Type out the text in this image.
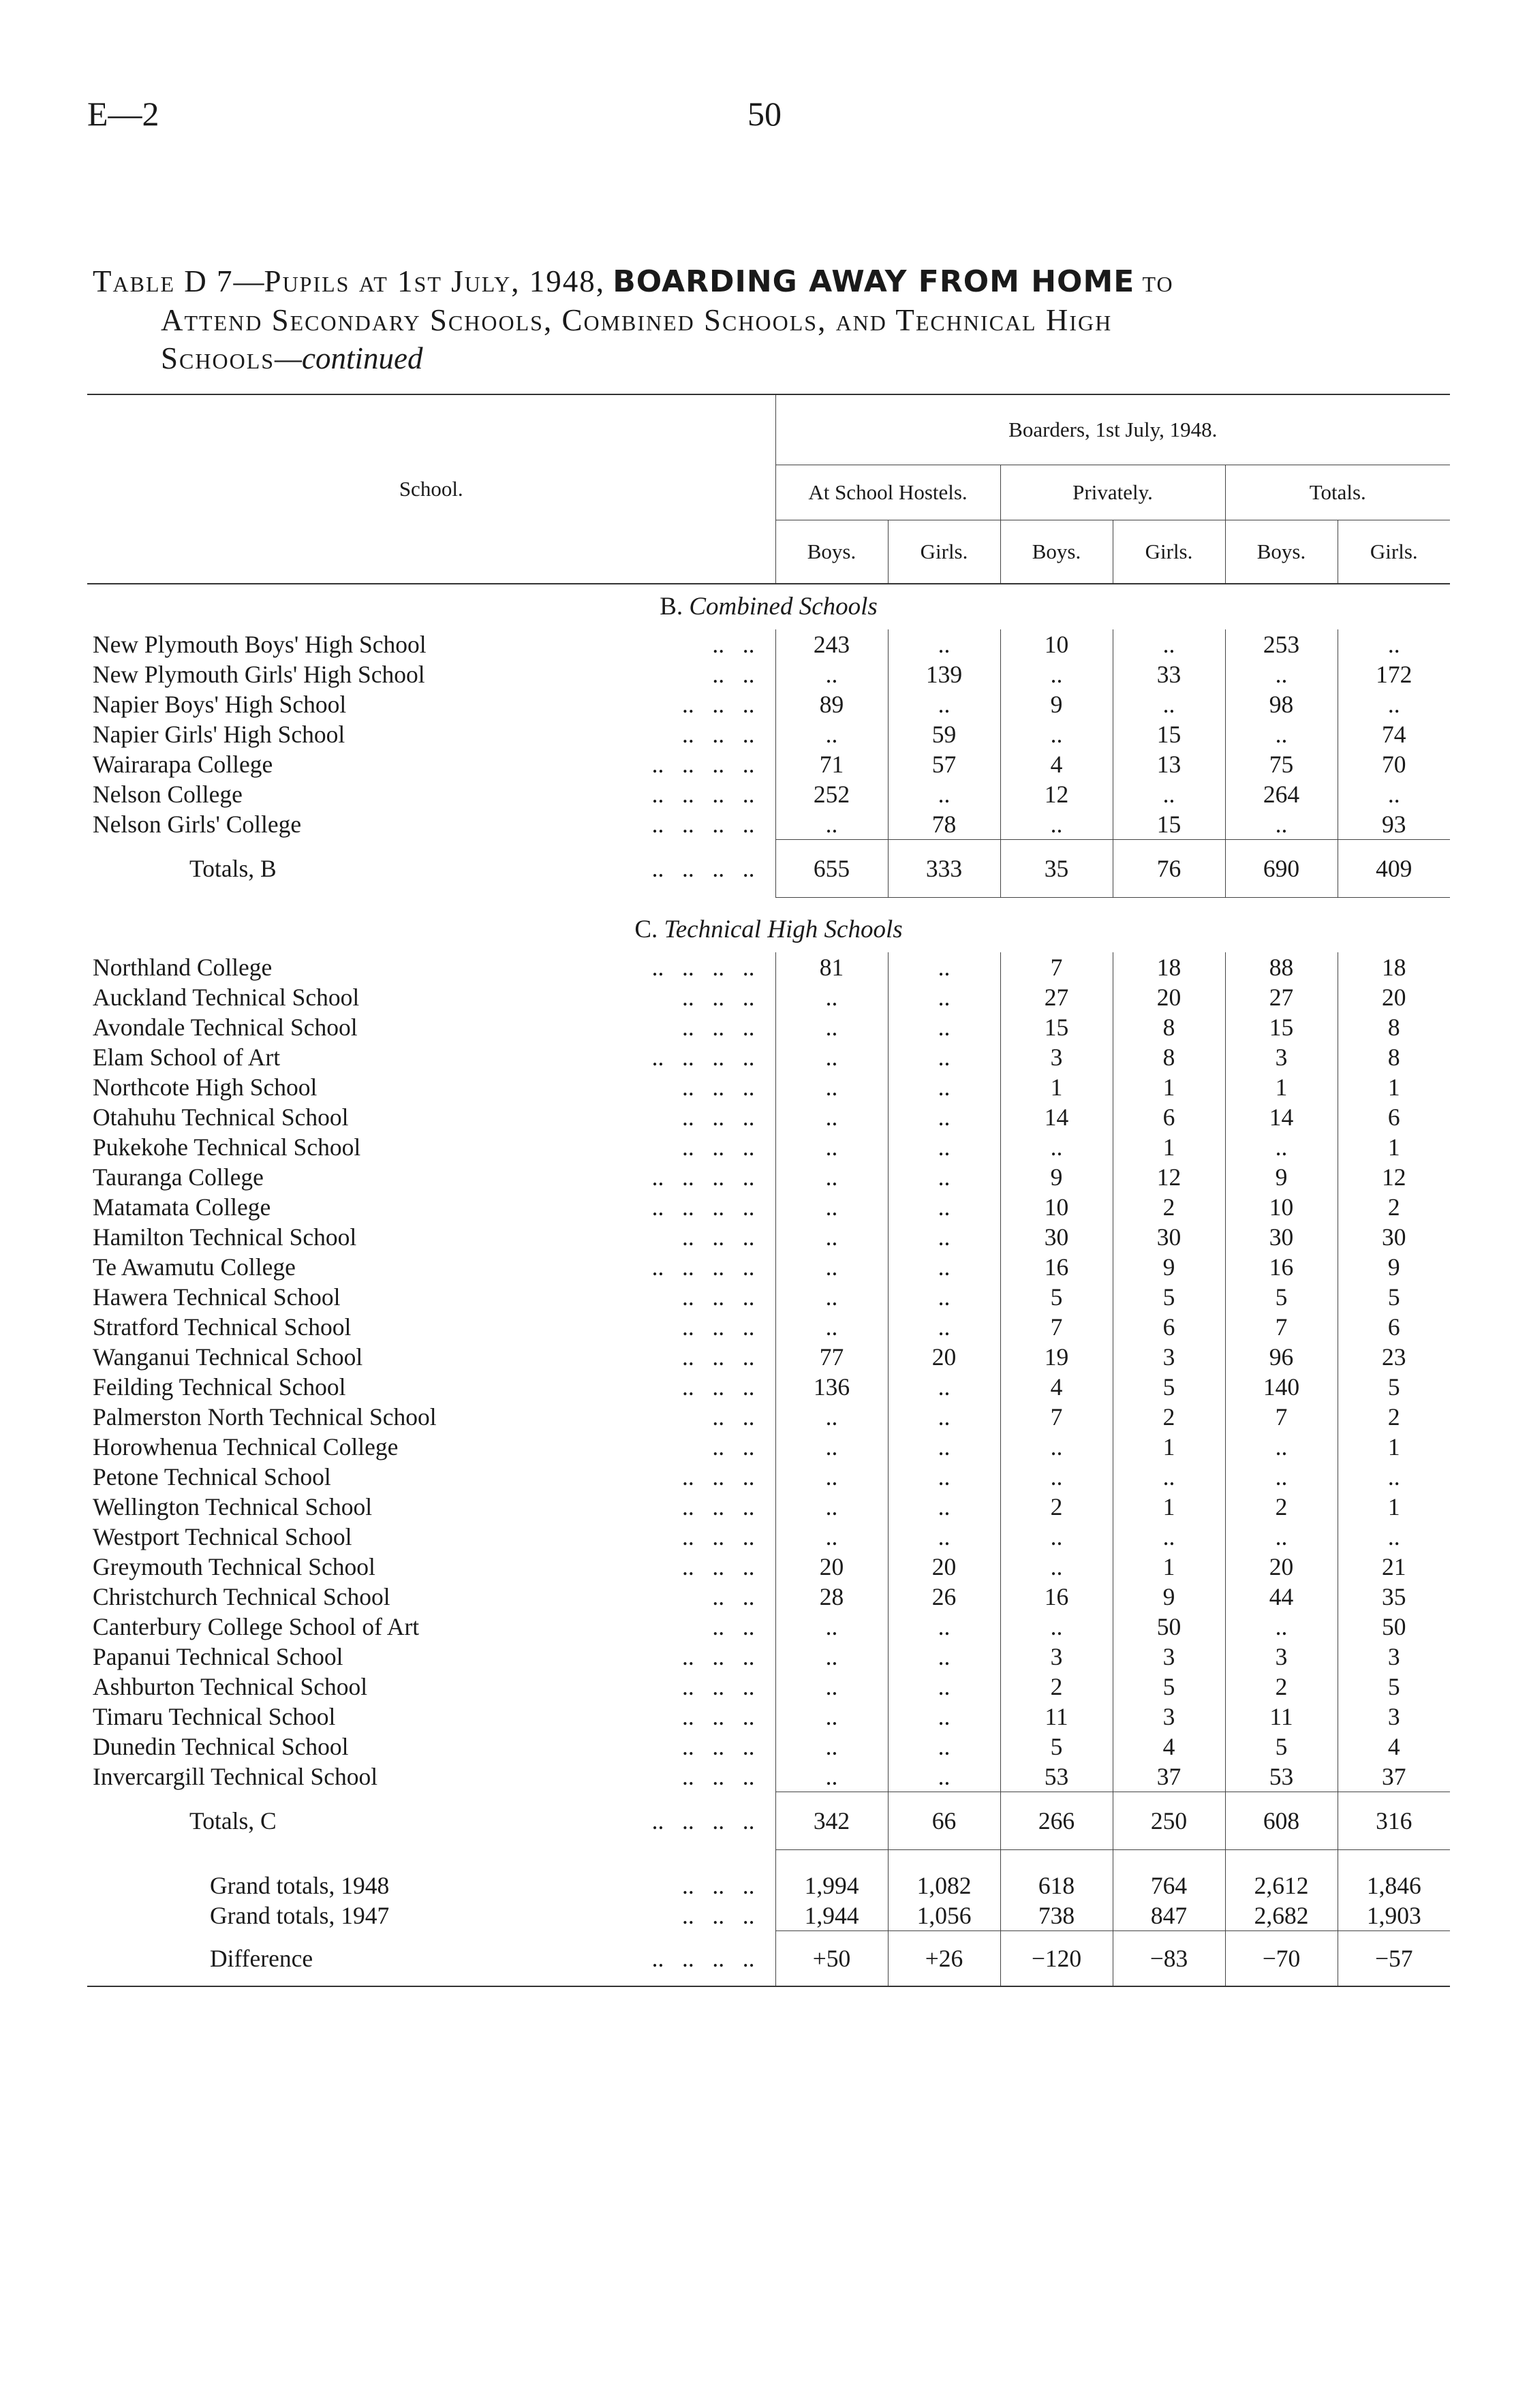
E—2	50
Table D 7—Pupils at 1st July, 1948, BOARDING AWAY FROM HOME to
Attend Secondary Schools, Combined Schools, and Technical High
Schools—continued
School.	Boarders, 1st July, 1948.					
	At School Hostels.		Privately.		Totals.	
	Boys.	Girls.	Boys.	Girls.	Boys.	Girls.
B. Combined Schools						
New Plymouth Boys' High School ..   ..	243	..	10	..	253	..
New Plymouth Girls' High School ..   ..	..	139	..	33	..	172
Napier Boys' High School ..   ..   ..	89	..	9	..	98	..
Napier Girls' High School ..   ..   ..	..	59	..	15	..	74
Wairarapa College ..   ..   ..   ..	71	57	4	13	75	70
Nelson College ..   ..   ..   ..	252	..	12	..	264	..
Nelson Girls' College ..   ..   ..   ..	..	78	..	15	..	93
Totals, B ..   ..   ..   ..	655	333	35	76	690	409

C. Technical High Schools						
Northland College ..   ..   ..   ..	81	..	7	18	88	18
Auckland Technical School ..   ..   ..	..	..	27	20	27	20
Avondale Technical School ..   ..   ..	..	..	15	8	15	8
Elam School of Art ..   ..   ..   ..	..	..	3	8	3	8
Northcote High School ..   ..   ..	..	..	1	1	1	1
Otahuhu Technical School ..   ..   ..	..	..	14	6	14	6
Pukekohe Technical School ..   ..   ..	..	..	..	1	..	1
Tauranga College ..   ..   ..   ..	..	..	9	12	9	12
Matamata College ..   ..   ..   ..	..	..	10	2	10	2
Hamilton Technical School ..   ..   ..	..	..	30	30	30	30
Te Awamutu College ..   ..   ..   ..	..	..	16	9	16	9
Hawera Technical School ..   ..   ..	..	..	5	5	5	5
Stratford Technical School ..   ..   ..	..	..	7	6	7	6
Wanganui Technical School ..   ..   ..	77	20	19	3	96	23
Feilding Technical School ..   ..   ..	136	..	4	5	140	5
Palmerston North Technical School ..   ..	..	..	7	2	7	2
Horowhenua Technical College ..   ..	..	..	..	1	..	1
Petone Technical School ..   ..   ..	..	..	..	..	..	..
Wellington Technical School ..   ..   ..	..	..	2	1	2	1
Westport Technical School ..   ..   ..	..	..	..	..	..	..
Greymouth Technical School ..   ..   ..	20	20	..	1	20	21
Christchurch Technical School ..   ..	28	26	16	9	44	35
Canterbury College School of Art ..   ..	..	..	..	50	..	50
Papanui Technical School ..   ..   ..	..	..	3	3	3	3
Ashburton Technical School ..   ..   ..	..	..	2	5	2	5
Timaru Technical School ..   ..   ..	..	..	11	3	11	3
Dunedin Technical School ..   ..   ..	..	..	5	4	5	4
Invercargill Technical School ..   ..   ..	..	..	53	37	53	37
Totals, C ..   ..   ..   ..	342	66	266	250	608	316

Grand totals, 1948 ..   ..   ..	1,994	1,082	618	764	2,612	1,846
Grand totals, 1947 ..   ..   ..	1,944	1,056	738	847	2,682	1,903
Difference ..   ..   ..   ..	+50	+26	−120	−83	−70	−57
